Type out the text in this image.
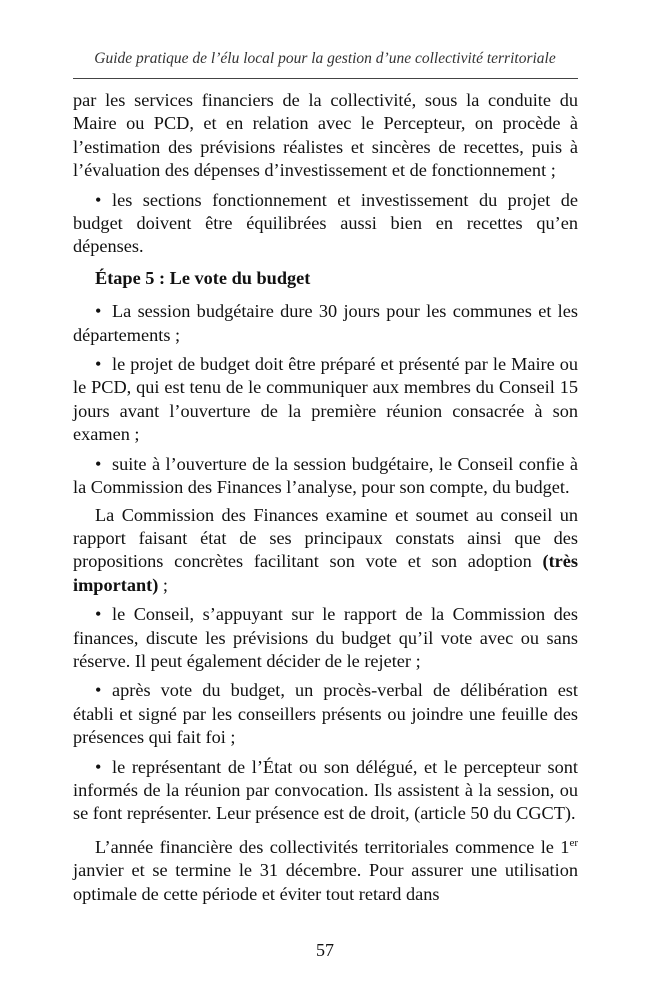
Guide pratique de l’élu local pour la gestion d’une collectivité territoriale

par les services financiers de la collectivité, sous la conduite du Maire ou PCD, et en relation avec le Percepteur, on procède à l’estimation des prévisions réalistes et sincères de recettes, puis à l’évaluation des dépenses d’investissement et de fonctionnement ;

• les sections fonctionnement et investissement du projet de budget doivent être équilibrées aussi bien en recettes qu’en dépenses.

Étape 5 : Le vote du budget

• La session budgétaire dure 30 jours pour les communes et les départements ;

• le projet de budget doit être préparé et présenté par le Maire ou le PCD, qui est tenu de le communiquer aux membres du Conseil 15 jours avant l’ouverture de la première réunion consacrée à son examen ;

• suite à l’ouverture de la session budgétaire, le Conseil confie à la Commission des Finances l’analyse, pour son compte, du budget.

La Commission des Finances examine et soumet au conseil un rapport faisant état de ses principaux constats ainsi que des propositions concrètes facilitant son vote et son adoption (très important) ;

• le Conseil, s’appuyant sur le rapport de la Commission des finances, discute les prévisions du budget qu’il vote avec ou sans réserve. Il peut également décider de le rejeter ;

• après vote du budget, un procès-verbal de délibération est établi et signé par les conseillers présents ou joindre une feuille des présences qui fait foi ;

• le représentant de l’État ou son délégué, et le percepteur sont informés de la réunion par convocation. Ils assistent à la session, ou se font représenter. Leur présence est de droit, (article 50 du CGCT).

L’année financière des collectivités territoriales commence le 1er janvier et se termine le 31 décembre. Pour assurer une utilisation optimale de cette période et éviter tout retard dans

57
